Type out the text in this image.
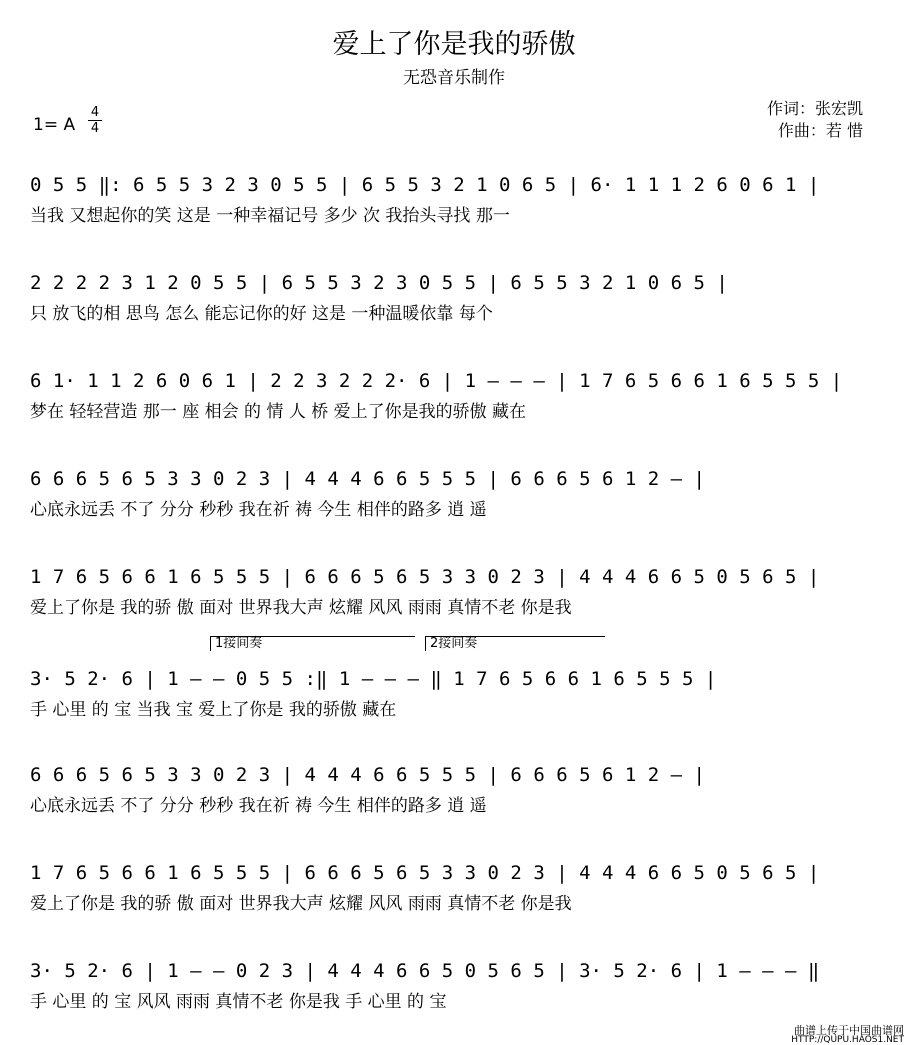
爱上了你是我的骄傲
无恐音乐制作
1= A
4
4
作词：张宏凯
作曲：若 惜
0 5 5 ‖: 6 5 5 3 2 3 0 5 5 | 6 5 5 3 2 1 0 6 5 | 6· 1 1 1 2 6 0 6 1 |
当我 又想起你的笑 这是 一种幸福记号 多少 次 我抬头寻找 那一
2 2 2 2 3 1 2 0 5 5 | 6 5 5 3 2 3 0 5 5 | 6 5 5 3 2 1 0 6 5 |
只 放飞的相 思鸟 怎么 能忘记你的好 这是 一种温暖依靠 每个
6 1· 1 1 2 6 0 6 1 | 2 2 3 2 2 2· 6 | 1 – – – | 1 7 6 5 6 6 1 6 5 5 5 |
梦在 轻轻营造 那一 座 相会 的 情 人 桥 爱上了你是我的骄傲 藏在
6 6 6 5 6 5 3 3 0 2 3 | 4 4 4 6 6 5 5 5 | 6 6 6 5 6 1 2 – |
心底永远丢 不了 分分 秒秒 我在祈 祷 今生 相伴的路多 逍 遥
1 7 6 5 6 6 1 6 5 5 5 | 6 6 6 5 6 5 3 3 0 2 3 | 4 4 4 6 6 5 0 5 6 5 |
爱上了你是 我的骄 傲 面对 世界我大声 炫耀 风风 雨雨 真情不老 你是我
1接间奏	2接间奏
3· 5 2· 6 | 1 – – 0 5 5 :‖ 1 – – – ‖ 1 7 6 5 6 6 1 6 5 5 5 |
手 心里 的 宝 当我 宝 爱上了你是 我的骄傲 藏在
6 6 6 5 6 5 3 3 0 2 3 | 4 4 4 6 6 5 5 5 | 6 6 6 5 6 1 2 – |
心底永远丢 不了 分分 秒秒 我在祈 祷 今生 相伴的路多 逍 遥
1 7 6 5 6 6 1 6 5 5 5 | 6 6 6 5 6 5 3 3 0 2 3 | 4 4 4 6 6 5 0 5 6 5 |
爱上了你是 我的骄 傲 面对 世界我大声 炫耀 风风 雨雨 真情不老 你是我
3· 5 2· 6 | 1 – – 0 2 3 | 4 4 4 6 6 5 0 5 6 5 | 3· 5 2· 6 | 1 – – – ‖
手 心里 的 宝 风风 雨雨 真情不老 你是我 手 心里 的 宝
曲谱上传于中国曲谱网
HTTP://QUPU.HAOS1.NET
